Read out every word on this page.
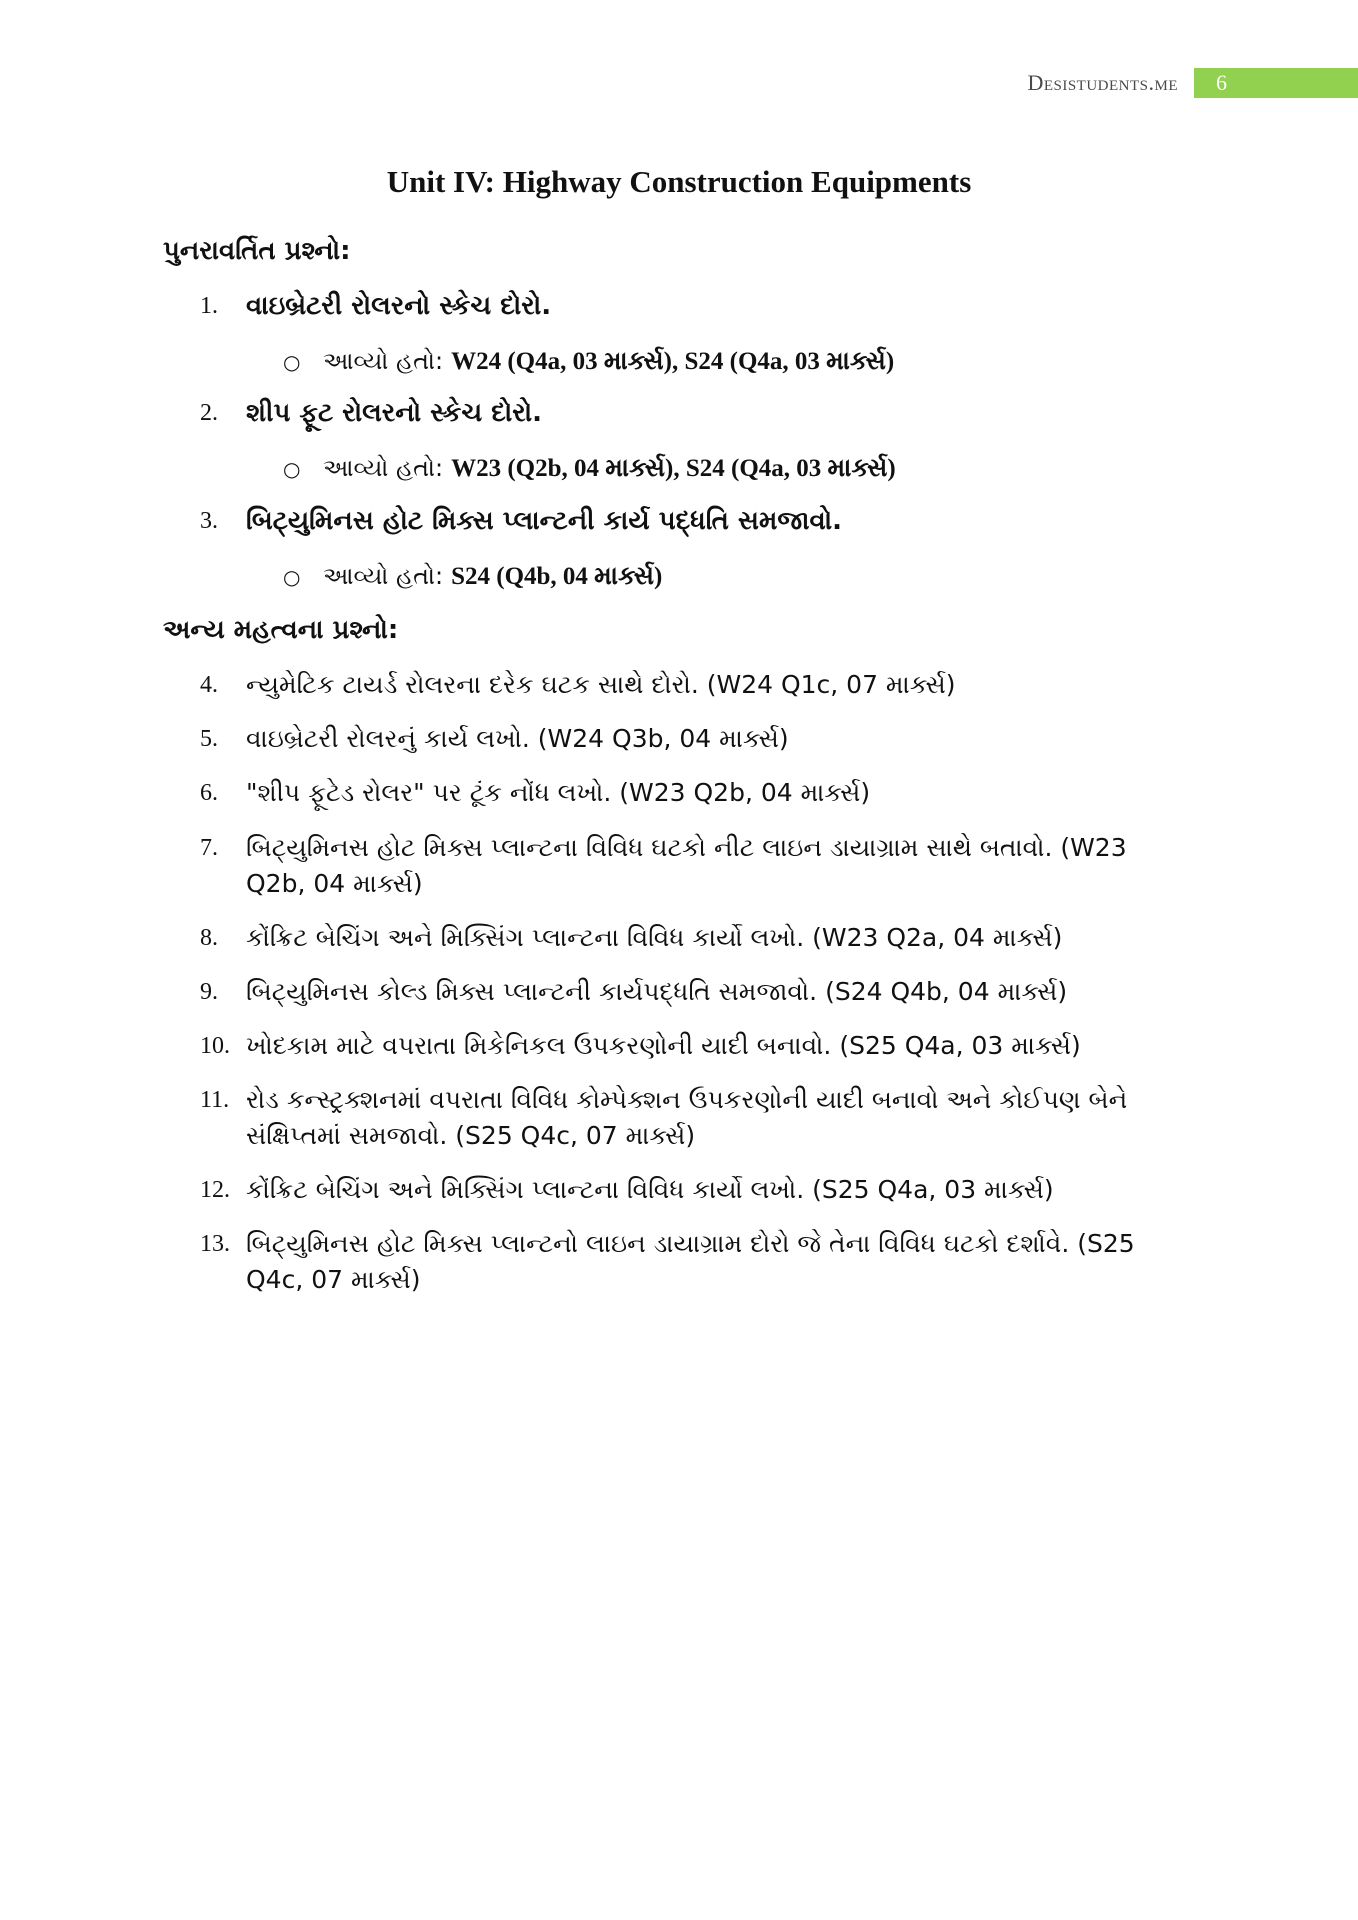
Desistudents.me	6
Unit IV: Highway Construction Equipments
પુનરાવર્તિત પ્રશ્નો:
1.	વાઇબ્રેટરી રોલરનો સ્કેચ દોરો.
○ આવ્યો હતો: W24 (Q4a, 03 માર્ક્સ), S24 (Q4a, 03 માર્ક્સ)
2.	શીપ ફૂટ રોલરનો સ્કેચ દોરો.
○ આવ્યો હતો: W23 (Q2b, 04 માર્ક્સ), S24 (Q4a, 03 માર્ક્સ)
3.	બિટ્યુમિનસ હોટ મિક્સ પ્લાન્ટની કાર્ય પદ્ધતિ સમજાવો.
○ આવ્યો હતો: S24 (Q4b, 04 માર્ક્સ)
અન્ય મહત્વના પ્રશ્નો:
4.	ન્યુમેટિક ટાયર્ડ રોલરના દરેક ઘટક સાથે દોરો. (W24 Q1c, 07 માર્ક્સ)
5.	વાઇબ્રેટરી રોલરનું કાર્ય લખો. (W24 Q3b, 04 માર્ક્સ)
6.	"શીપ ફૂટેડ રોલર" પર ટૂંક નોંધ લખો. (W23 Q2b, 04 માર્ક્સ)
7.	બિટ્યુમિનસ હોટ મિક્સ પ્લાન્ટના વિવિધ ઘટકો નીટ લાઇન ડાયાગ્રામ સાથે બતાવો. (W23 Q2b, 04 માર્ક્સ)
8.	કોંક્રિટ બેચિંગ અને મિક્સિંગ પ્લાન્ટના વિવિધ કાર્યો લખો. (W23 Q2a, 04 માર્ક્સ)
9.	બિટ્યુમિનસ કોલ્ડ મિક્સ પ્લાન્ટની કાર્યપદ્ધતિ સમજાવો. (S24 Q4b, 04 માર્ક્સ)
10. ખોદકામ માટે વપરાતા મિકેનિકલ ઉપકરણોની યાદી બનાવો. (S25 Q4a, 03 માર્ક્સ)
11. રોડ કન્સ્ટ્રક્શનમાં વપરાતા વિવિધ કોમ્પેક્શન ઉપકરણોની યાદી બનાવો અને કોઈપણ બેને સંક્ષિપ્તમાં સમજાવો. (S25 Q4c, 07 માર્ક્સ)
12. કોંક્રિટ બેચિંગ અને મિક્સિંગ પ્લાન્ટના વિવિધ કાર્યો લખો. (S25 Q4a, 03 માર્ક્સ)
13. બિટ્યુમિનસ હોટ મિક્સ પ્લાન્ટનો લાઇન ડાયાગ્રામ દોરો જે તેના વિવિધ ઘટકો દર્શાવે. (S25 Q4c, 07 માર્ક્સ)
